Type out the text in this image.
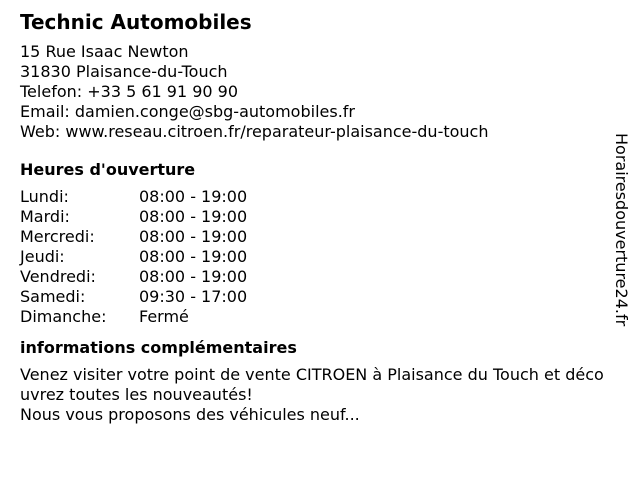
Technic Automobiles
15 Rue Isaac Newton
31830 Plaisance-du-Touch
Telefon: +33 5 61 91 90 90
Email: damien.conge@sbg-automobiles.fr
Web: www.reseau.citroen.fr/reparateur-plaisance-du-touch
Heures d'ouverture
Lundi:	08:00 - 19:00
Mardi:	08:00 - 19:00
Mercredi:	08:00 - 19:00
Jeudi:	08:00 - 19:00
Vendredi:	08:00 - 19:00
Samedi:	09:30 - 17:00
Dimanche:	Fermé
informations complémentaires

Venez visiter votre point de vente CITROEN à Plaisance du Touch et découvrez toutes les nouveautés!

Nous vous proposons des véhicules neuf...

Horairesdouverture24.fr
